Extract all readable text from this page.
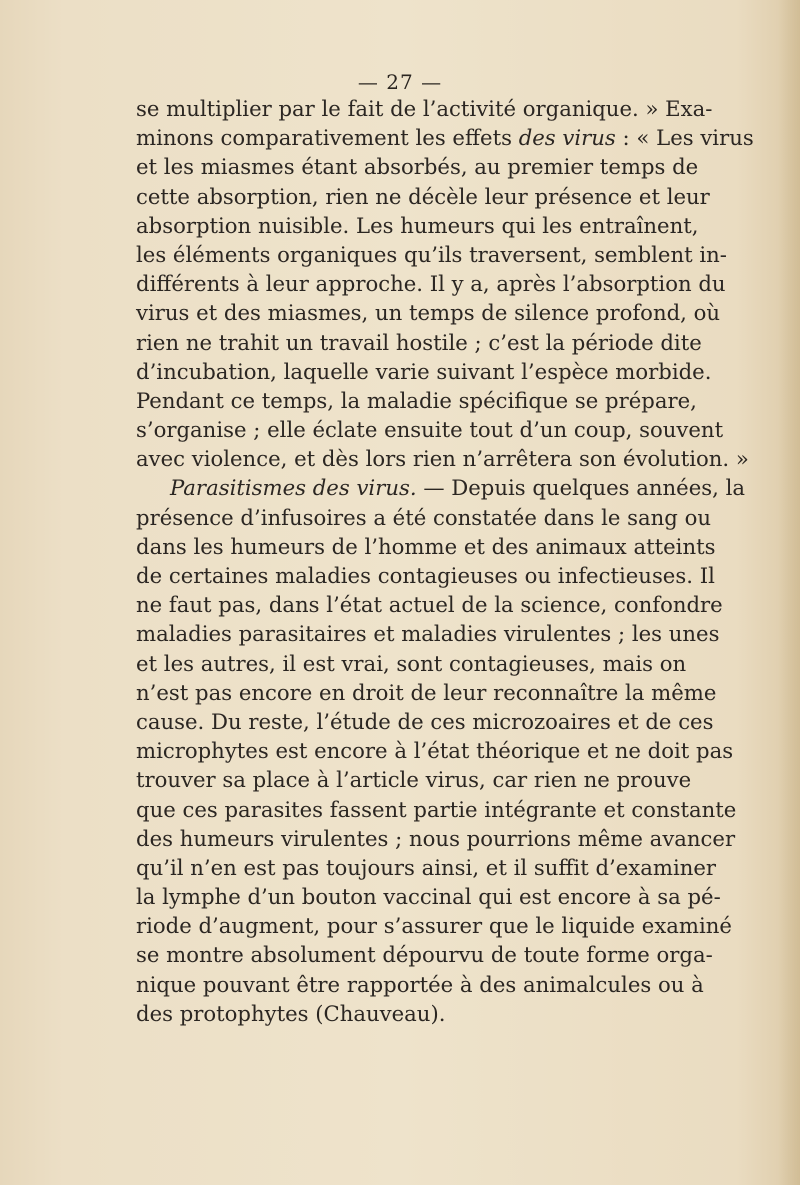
— 27 —
se multiplier par le fait de l’activité organique. » Exa-
minons comparativement les effets des virus : « Les virus
et les miasmes étant absorbés, au premier temps de
cette absorption, rien ne décèle leur présence et leur
absorption nuisible. Les humeurs qui les entraînent,
les éléments organiques qu’ils traversent, semblent in-
différents à leur approche. Il y a, après l’absorption du
virus et des miasmes, un temps de silence profond, où
rien ne trahit un travail hostile ; c’est la période dite
d’incubation, laquelle varie suivant l’espèce morbide.
Pendant ce temps, la maladie spécifique se prépare,
s’organise ; elle éclate ensuite tout d’un coup, souvent
avec violence, et dès lors rien n’arrêtera son évolution. »
Parasitismes des virus. — Depuis quelques années, la
présence d’infusoires a été constatée dans le sang ou
dans les humeurs de l’homme et des animaux atteints
de certaines maladies contagieuses ou infectieuses. Il
ne faut pas, dans l’état actuel de la science, confondre
maladies parasitaires et maladies virulentes ; les unes
et les autres, il est vrai, sont contagieuses, mais on
n’est pas encore en droit de leur reconnaître la même
cause. Du reste, l’étude de ces microzoaires et de ces
microphytes est encore à l’état théorique et ne doit pas
trouver sa place à l’article virus, car rien ne prouve
que ces parasites fassent partie intégrante et constante
des humeurs virulentes ; nous pourrions même avancer
qu’il n’en est pas toujours ainsi, et il suffit d’examiner
la lymphe d’un bouton vaccinal qui est encore à sa pé-
riode d’augment, pour s’assurer que le liquide examiné
se montre absolument dépourvu de toute forme orga-
nique pouvant être rapportée à des animalcules ou à
des protophytes (Chauveau).
